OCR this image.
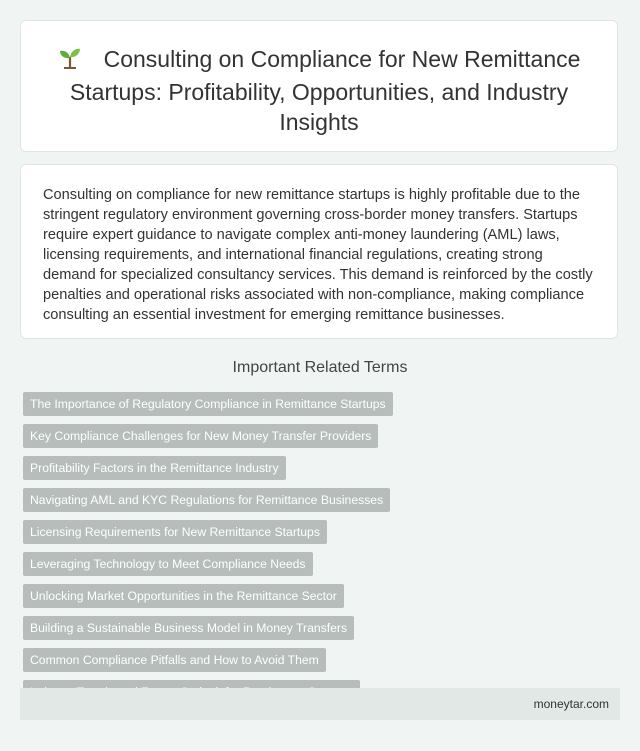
Consulting on Compliance for New Remittance Startups: Profitability, Opportunities, and Industry Insights

Consulting on compliance for new remittance startups is highly profitable due to the stringent regulatory environment governing cross-border money transfers. Startups require expert guidance to navigate complex anti-money laundering (AML) laws, licensing requirements, and international financial regulations, creating strong demand for specialized consultancy services. This demand is reinforced by the costly penalties and operational risks associated with non-compliance, making compliance consulting an essential investment for emerging remittance businesses.

Important Related Terms
The Importance of Regulatory Compliance in Remittance Startups
Key Compliance Challenges for New Money Transfer Providers
Profitability Factors in the Remittance Industry
Navigating AML and KYC Regulations for Remittance Businesses
Licensing Requirements for New Remittance Startups
Leveraging Technology to Meet Compliance Needs
Unlocking Market Opportunities in the Remittance Sector
Building a Sustainable Business Model in Money Transfers
Common Compliance Pitfalls and How to Avoid Them
moneytar.com
